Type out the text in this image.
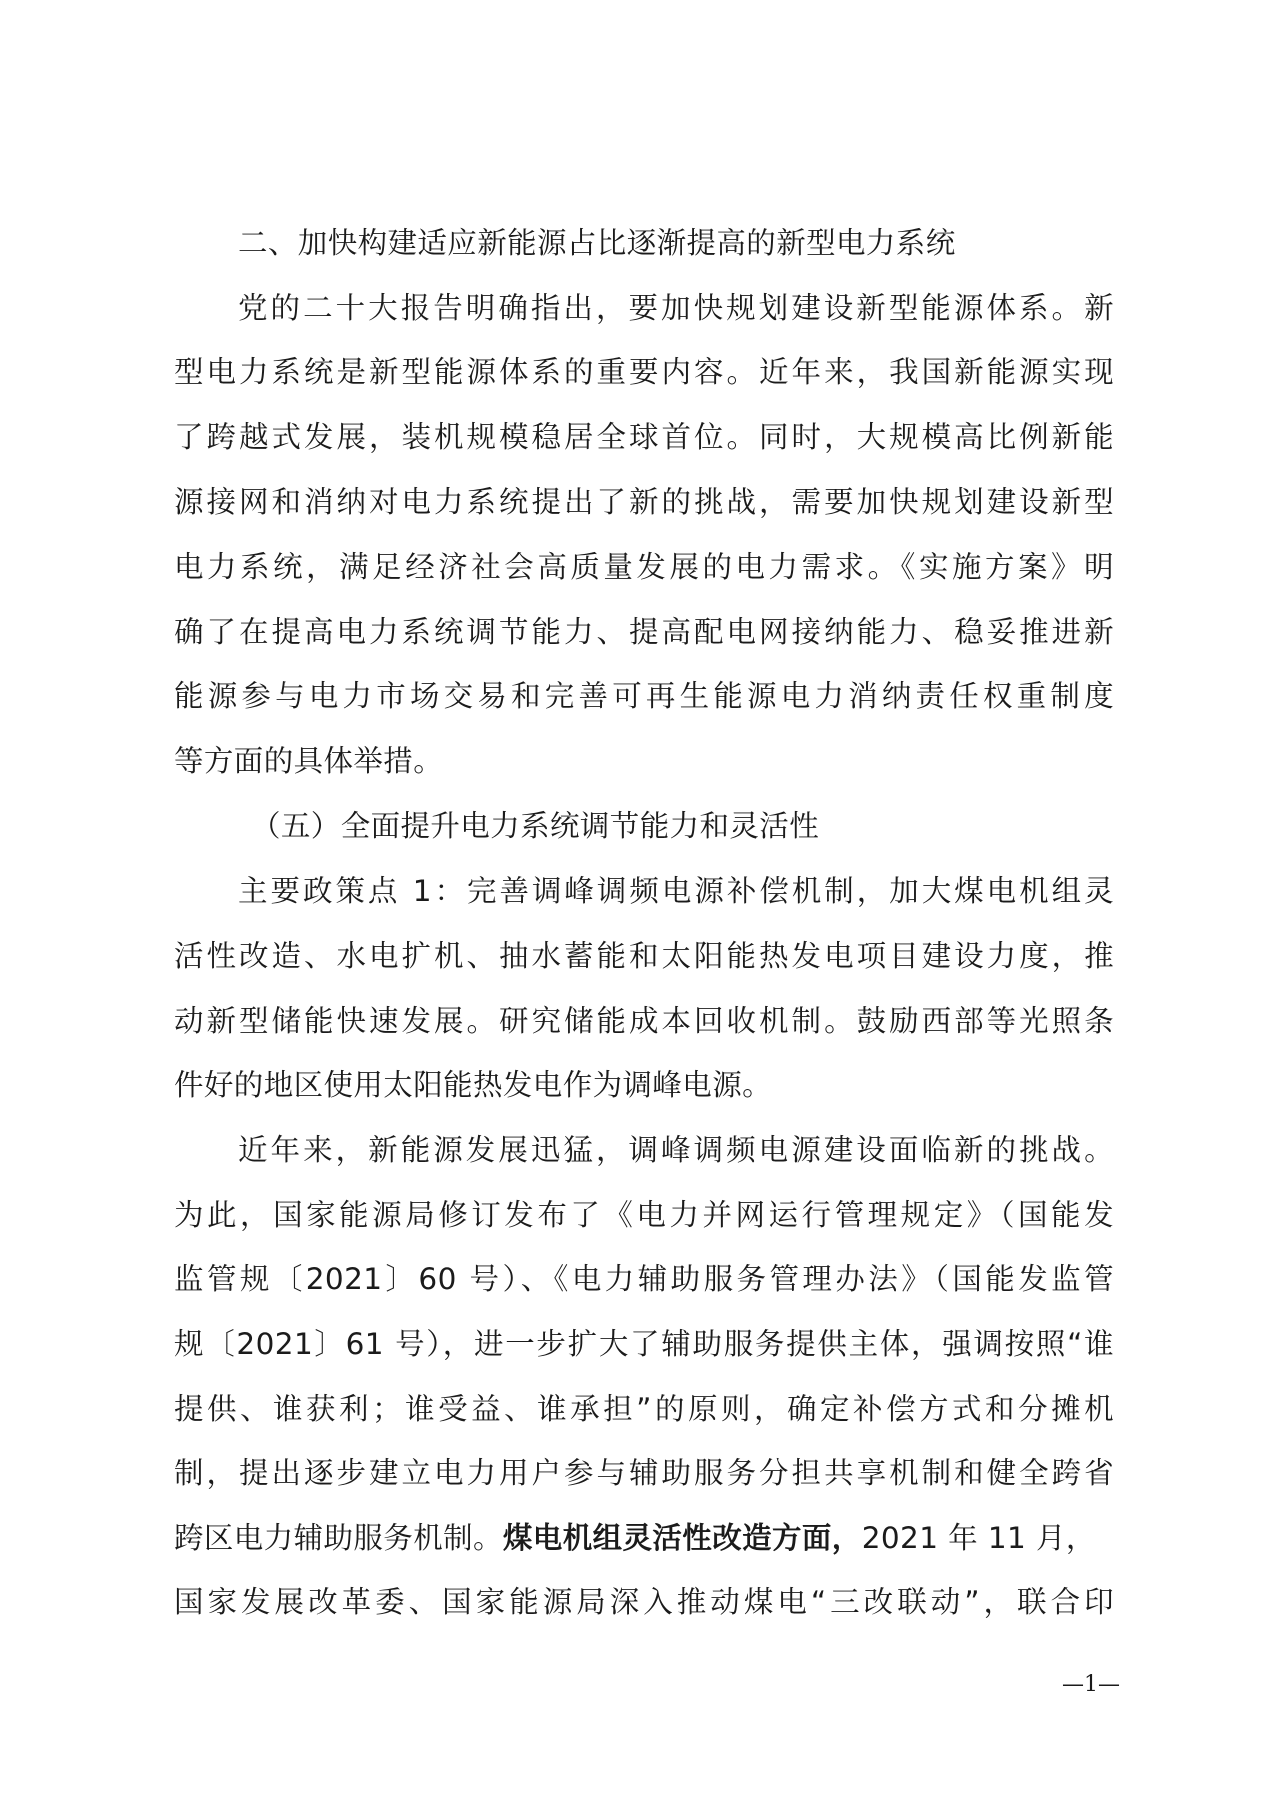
二、加快构建适应新能源占比逐渐提高的新型电力系统
党的二十大报告明确指出，要加快规划建设新型能源体系。新
型电力系统是新型能源体系的重要内容。近年来，我国新能源实现
了跨越式发展，装机规模稳居全球首位。同时，大规模高比例新能
源接网和消纳对电力系统提出了新的挑战，需要加快规划建设新型
电力系统，满足经济社会高质量发展的电力需求。《实施方案》明
确了在提高电力系统调节能力、提高配电网接纳能力、稳妥推进新
能源参与电力市场交易和完善可再生能源电力消纳责任权重制度
等方面的具体举措。
（五）全面提升电力系统调节能力和灵活性
主要政策点 1：完善调峰调频电源补偿机制，加大煤电机组灵
活性改造、水电扩机、抽水蓄能和太阳能热发电项目建设力度，推
动新型储能快速发展。研究储能成本回收机制。鼓励西部等光照条
件好的地区使用太阳能热发电作为调峰电源。
近年来，新能源发展迅猛，调峰调频电源建设面临新的挑战。
为此，国家能源局修订发布了《电力并网运行管理规定》（国能发
监管规〔2021〕60 号）、《电力辅助服务管理办法》（国能发监管
规〔2021〕61 号），进一步扩大了辅助服务提供主体，强调按照“谁
提供、谁获利；谁受益、谁承担”的原则，确定补偿方式和分摊机
制，提出逐步建立电力用户参与辅助服务分担共享机制和健全跨省
跨区电力辅助服务机制。煤电机组灵活性改造方面，2021 年 11 月，
国家发展改革委、国家能源局深入推动煤电“三改联动”，联合印
—1—
